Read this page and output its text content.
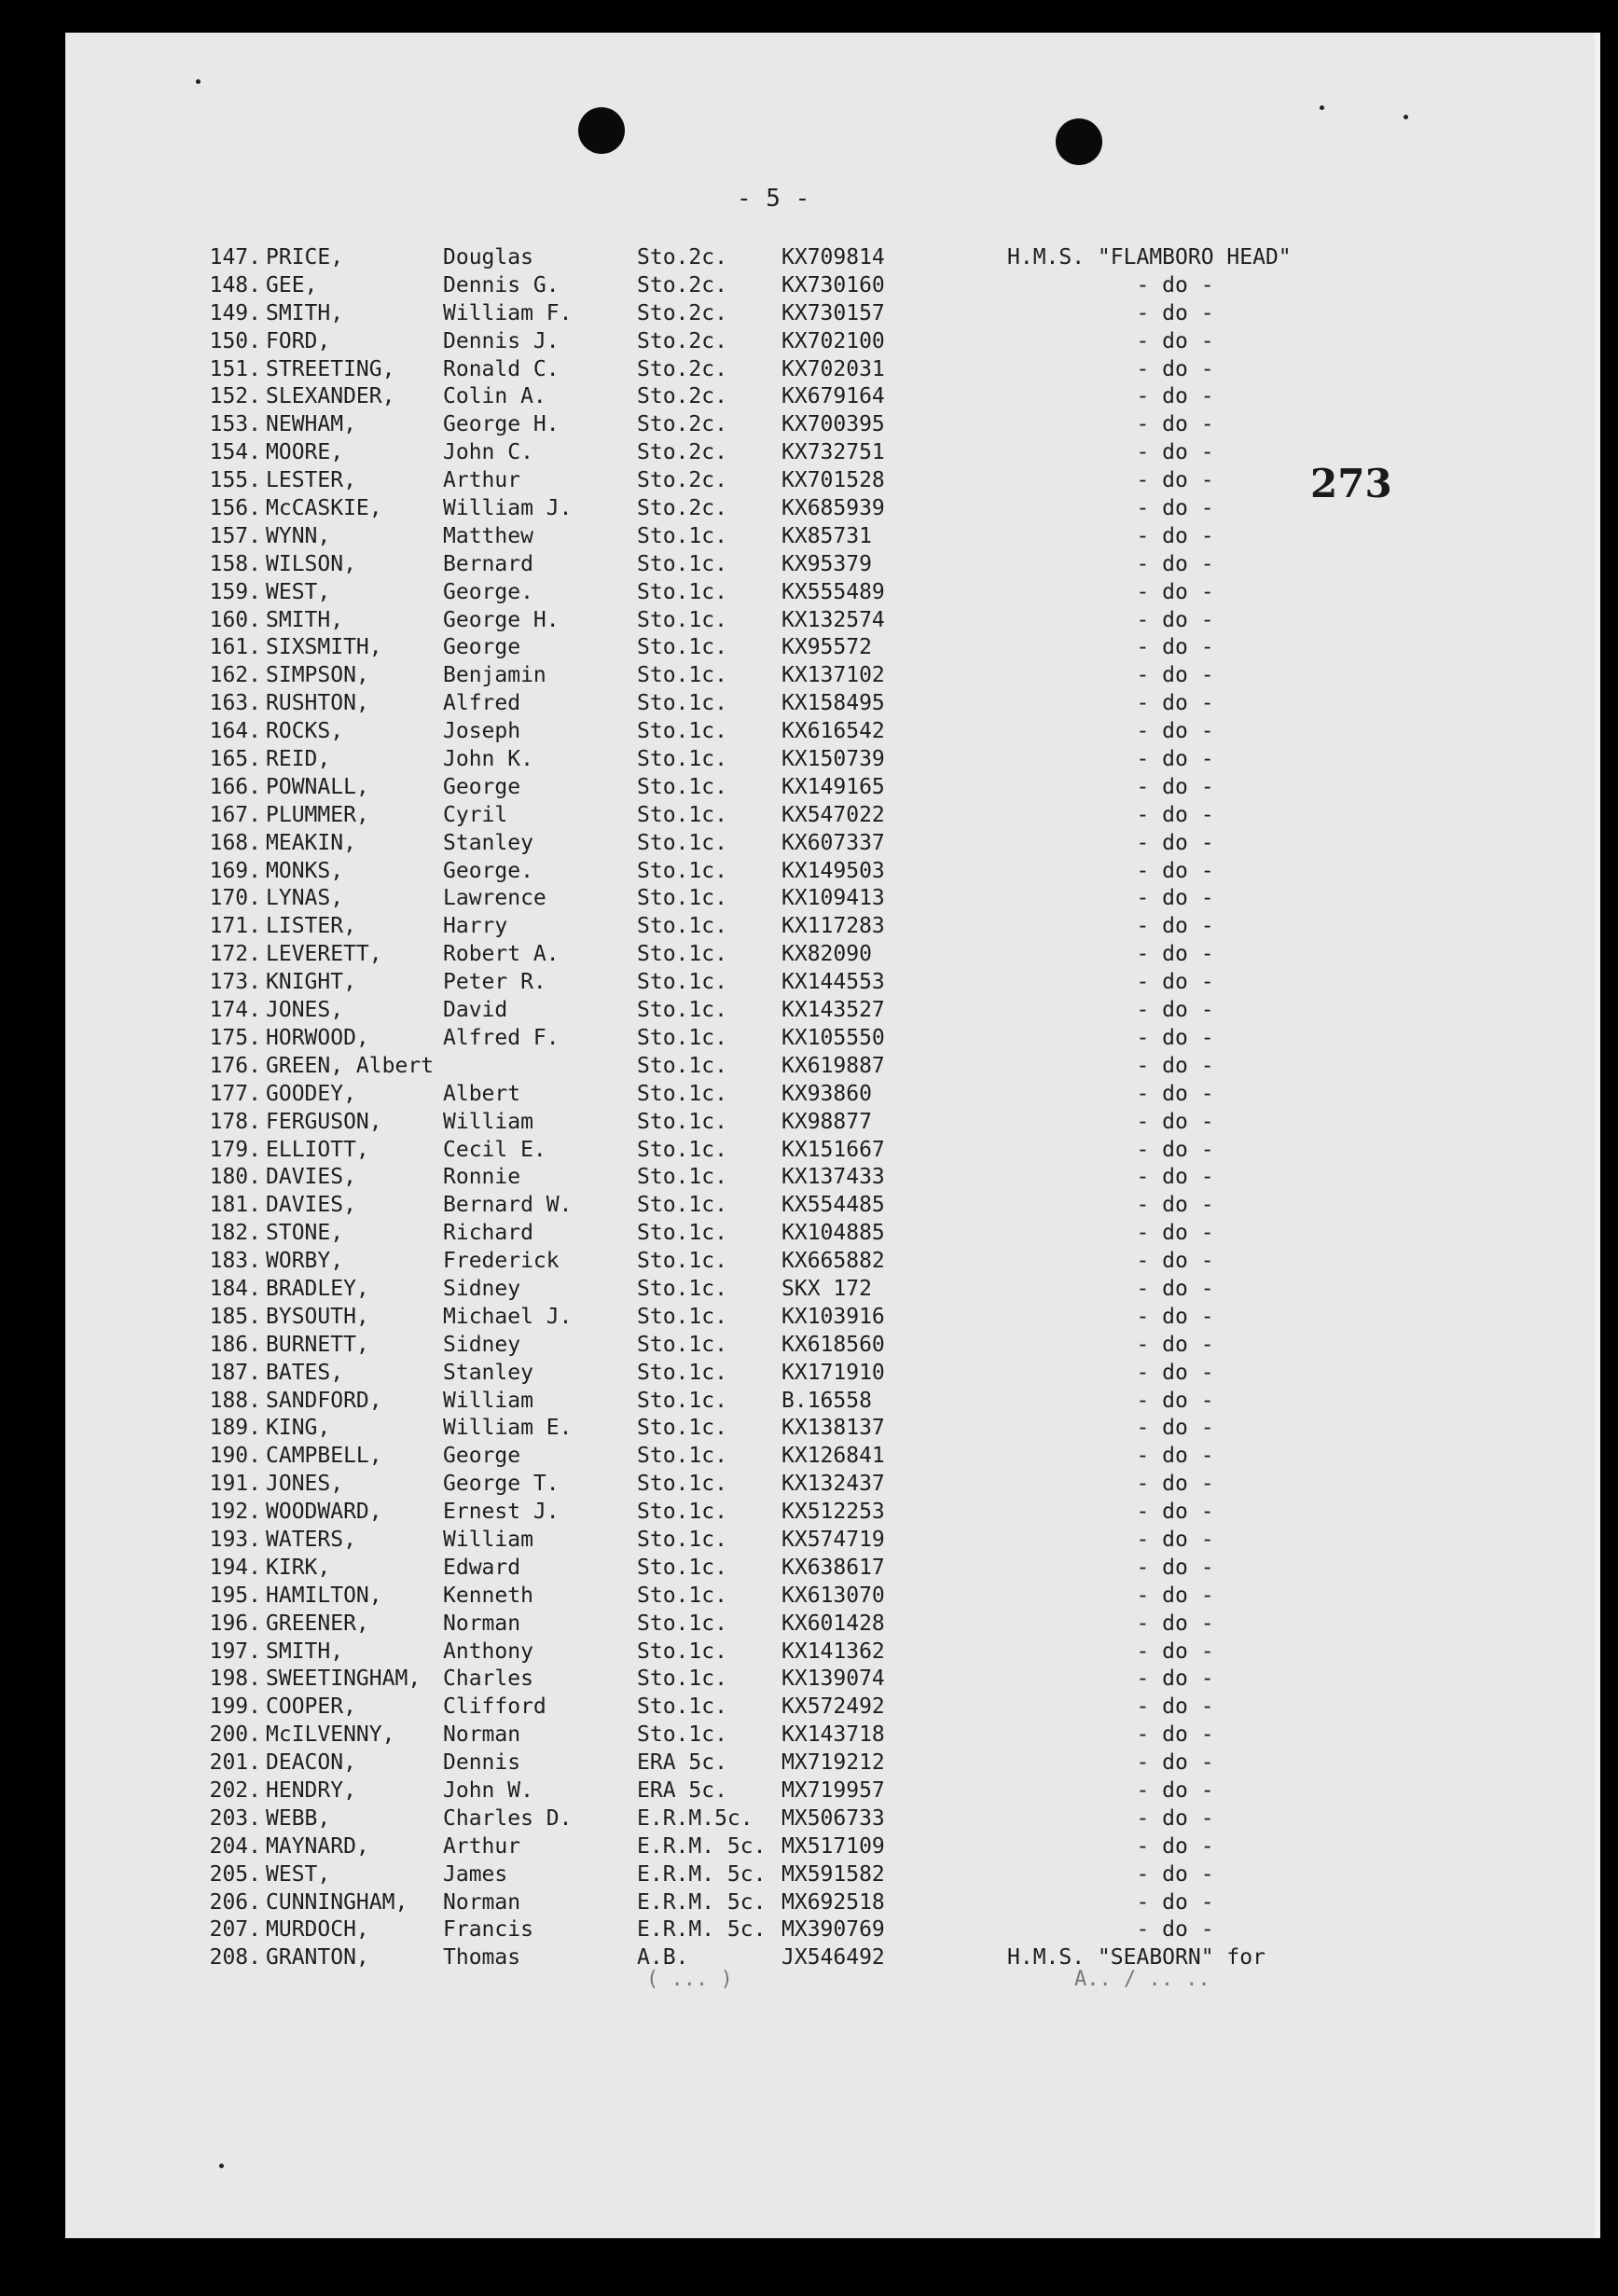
- 5 -
273
147. PRICE,	Douglas	Sto.2c.	KX709814	H.M.S. "FLAMBORO HEAD"
148. GEE,	Dennis G.	Sto.2c.	KX730160	- do -
149. SMITH,	William F.	Sto.2c.	KX730157	- do -
150. FORD,	Dennis J.	Sto.2c.	KX702100	- do -
151. STREETING, Ronald C.	Sto.2c.	KX702031	- do -
152. SLEXANDER, Colin A.	Sto.2c.	KX679164	- do -
153. NEWHAM,	George H.	Sto.2c.	KX700395	- do -
154. MOORE,	John C.	Sto.2c.	KX732751	- do -
155. LESTER,	Arthur	Sto.2c.	KX701528	- do -
156. McCASKIE,	William J.	Sto.2c.	KX685939	- do -
157. WYNN,	Matthew	Sto.1c.	KX85731	- do -
158. WILSON,	Bernard	Sto.1c.	KX95379	- do -
159. WEST,	George.	Sto.1c.	KX555489	- do -
160. SMITH,	George H.	Sto.1c.	KX132574	- do -
161. SIXSMITH,	George	Sto.1c.	KX95572	- do -
162. SIMPSON,	Benjamin	Sto.1c.	KX137102	- do -
163. RUSHTON,	Alfred	Sto.1c.	KX158495	- do -
164. ROCKS,	Joseph	Sto.1c.	KX616542	- do -
165. REID,	John K.	Sto.1c.	KX150739	- do -
166. POWNALL,	George	Sto.1c.	KX149165	- do -
167. PLUMMER,	Cyril	Sto.1c.	KX547022	- do -
168. MEAKIN,	Stanley	Sto.1c.	KX607337	- do -
169. MONKS,	George.	Sto.1c.	KX149503	- do -
170. LYNAS,	Lawrence	Sto.1c.	KX109413	- do -
171. LISTER,	Harry	Sto.1c.	KX117283	- do -
172. LEVERETT,	Robert A.	Sto.1c.	KX82090	- do -
173. KNIGHT,	Peter R.	Sto.1c.	KX144553	- do -
174. JONES,	David	Sto.1c.	KX143527	- do -
175. HORWOOD,	Alfred F.	Sto.1c.	KX105550	- do -
176. GREEN, Albert	Sto.1c.	KX619887	- do -
177. GOODEY,	Albert	Sto.1c.	KX93860	- do -
178. FERGUSON,	William	Sto.1c.	KX98877	- do -
179. ELLIOTT,	Cecil E.	Sto.1c.	KX151667	- do -
180. DAVIES,	Ronnie	Sto.1c.	KX137433	- do -
181. DAVIES,	Bernard W.	Sto.1c.	KX554485	- do -
182. STONE,	Richard	Sto.1c.	KX104885	- do -
183. WORBY,	Frederick	Sto.1c.	KX665882	- do -
184. BRADLEY,	Sidney	Sto.1c.	SKX 172	- do -
185. BYSOUTH,	Michael J.	Sto.1c.	KX103916	- do -
186. BURNETT,	Sidney	Sto.1c.	KX618560	- do -
187. BATES,	Stanley	Sto.1c.	KX171910	- do -
188. SANDFORD,	William	Sto.1c.	B.16558	- do -
189. KING,	William E.	Sto.1c.	KX138137	- do -
190. CAMPBELL,	George	Sto.1c.	KX126841	- do -
191. JONES,	George T.	Sto.1c.	KX132437	- do -
192. WOODWARD,	Ernest J.	Sto.1c.	KX512253	- do -
193. WATERS,	William	Sto.1c.	KX574719	- do -
194. KIRK,	Edward	Sto.1c.	KX638617	- do -
195. HAMILTON,	Kenneth	Sto.1c.	KX613070	- do -
196. GREENER,	Norman	Sto.1c.	KX601428	- do -
197. SMITH,	Anthony	Sto.1c.	KX141362	- do -
198. SWEETINGHAM, Charles	Sto.1c.	KX139074	- do -
199. COOPER,	Clifford	Sto.1c.	KX572492	- do -
200. McILVENNY, Norman	Sto.1c.	KX143718	- do -
201. DEACON,	Dennis	ERA 5c.	MX719212	- do -
202. HENDRY,	John W.	ERA 5c.	MX719957	- do -
203. WEBB,	Charles D.	E.R.M.5c. MX506733	- do -
204. MAYNARD,	Arthur	E.R.M. 5c. MX517109	- do -
205. WEST,	James	E.R.M. 5c. MX591582	- do -
206. CUNNINGHAM, Norman	E.R.M. 5c. MX692518	- do -
207. MURDOCH,	Francis	E.R.M. 5c. MX390769	- do -
208. GRANTON,	Thomas	A.B.	JX546492	H.M.S. "SEABORN" for
( ... )	A.. / .. ..
